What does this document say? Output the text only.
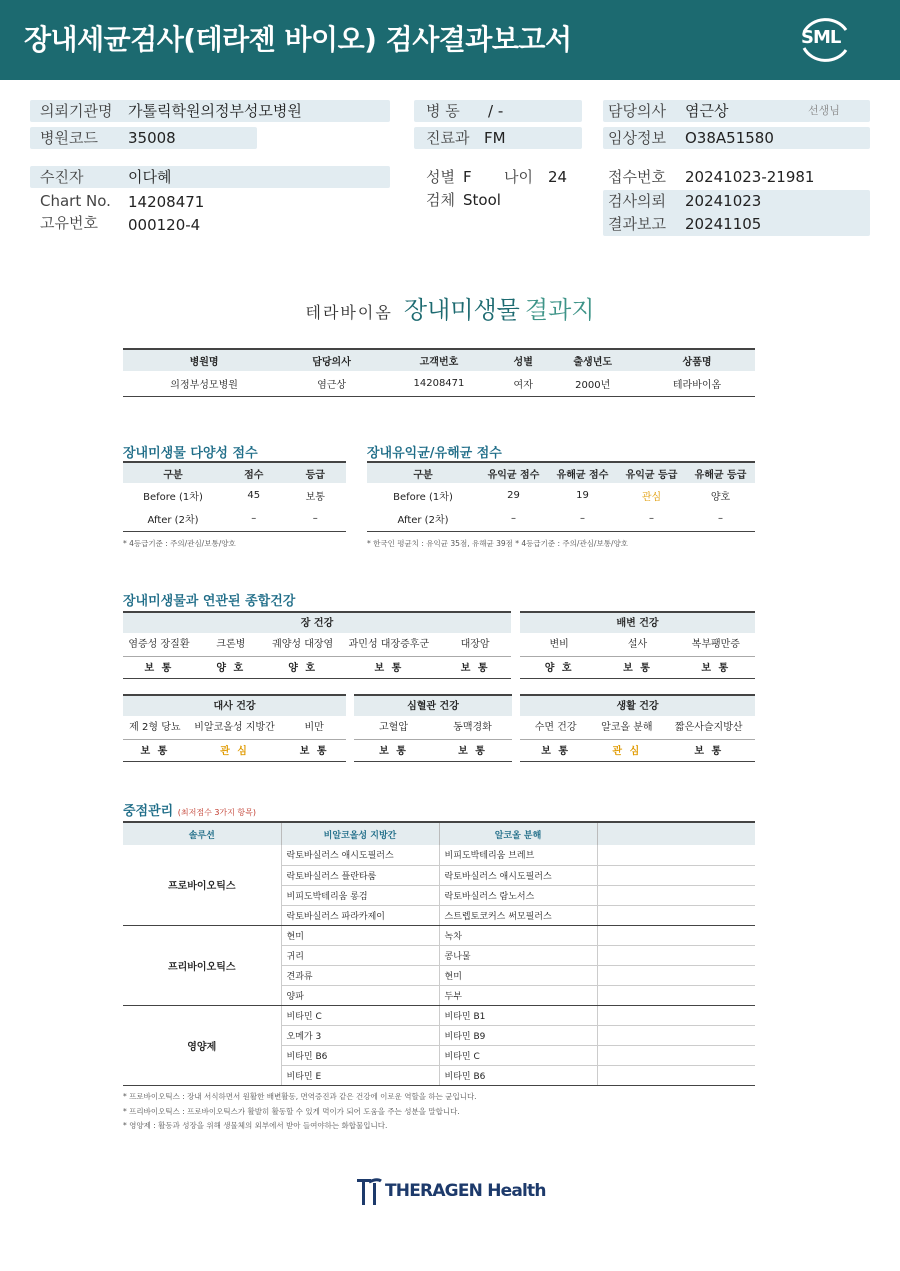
장내세균검사(테라젠 바이오) 검사결과보고서	SML
의뢰기관명 가톨릭학원의정부성모병원
병원코드 35008
병 동 / -
진료과 FM
담당의사 염근상	선생님
임상정보 O38A51580
수진자	이다혜
Chart No. 14208471
고유번호 000120-4
성별 F 나이 24
검체 Stool
접수번호 20241023-21981
검사의뢰 20241023
결과보고 20241105
테라바이옴 장내미생물 결과지
병원명	담당의사	고객번호	성별	출생년도	상품명
의정부성모병원	염근상	14208471	여자	2000년	테라바이옴
장내미생물 다양성 점수
구분	점수	등급
Before (1차)	45	보통
After (2차)	–	–
* 4등급기준 : 주의/관심/보통/양호
장내유익균/유해균 점수
구분	유익균 점수	유해균 점수	유익균 등급	유해균 등급
Before (1차)	29	19	관심	양호
After (2차)	–	–	–	–
* 한국인 평균치 : 유익균 35점, 유해균 39점 * 4등급기준 : 주의/관심/보통/양호
장내미생물과 연관된 종합건강
장 건강
염증성 장질환	크론병	궤양성 대장염	과민성 대장증후군	대장암
보 통	양 호	양 호	보 통	보 통
배변 건강
변비	설사	복부팽만증
양 호	보 통	보 통
대사 건강
제 2형 당뇨	비알코올성 지방간	비만
보 통	관 심	보 통
심혈관 건강
고혈압	동맥경화
보 통	보 통
생활 건강
수면 건강	알코올 분해	짧은사슬지방산
보 통	관 심	보 통
중점관리 (최저점수 3가지 항목)
솔루션	비알코올성 지방간	알코올 분해	
프로바이오틱스	락토바실러스 애시도필러스	비피도박테리움 브레브	
	락토바실러스 플란타룸	락토바실러스 애시도필러스	
	비피도박테리움 롱검	락토바실러스 람노서스	
	락토바실러스 파라카제이	스트렙토코커스 써모필러스	
프리바이오틱스	현미	녹차	
	귀리	콩나물	
	견과류	현미	
	양파	두부	
영양제	비타민 C	비타민 B1	
	오메가 3	비타민 B9	
	비타민 B6	비타민 C	
	비타민 E	비타민 B6	
* 프로바이오틱스 : 장내 서식하면서 원활한 배변활동, 면역증진과 같은 건강에 이로운 역할을 하는 균입니다.
* 프리바이오틱스 : 프로바이오틱스가 활발히 활동할 수 있게 먹이가 되어 도움을 주는 성분을 말합니다.
* 영양제 : 활동과 성장을 위해 생물체의 외부에서 받아 들여야하는 화합물입니다.
THERAGEN Health
